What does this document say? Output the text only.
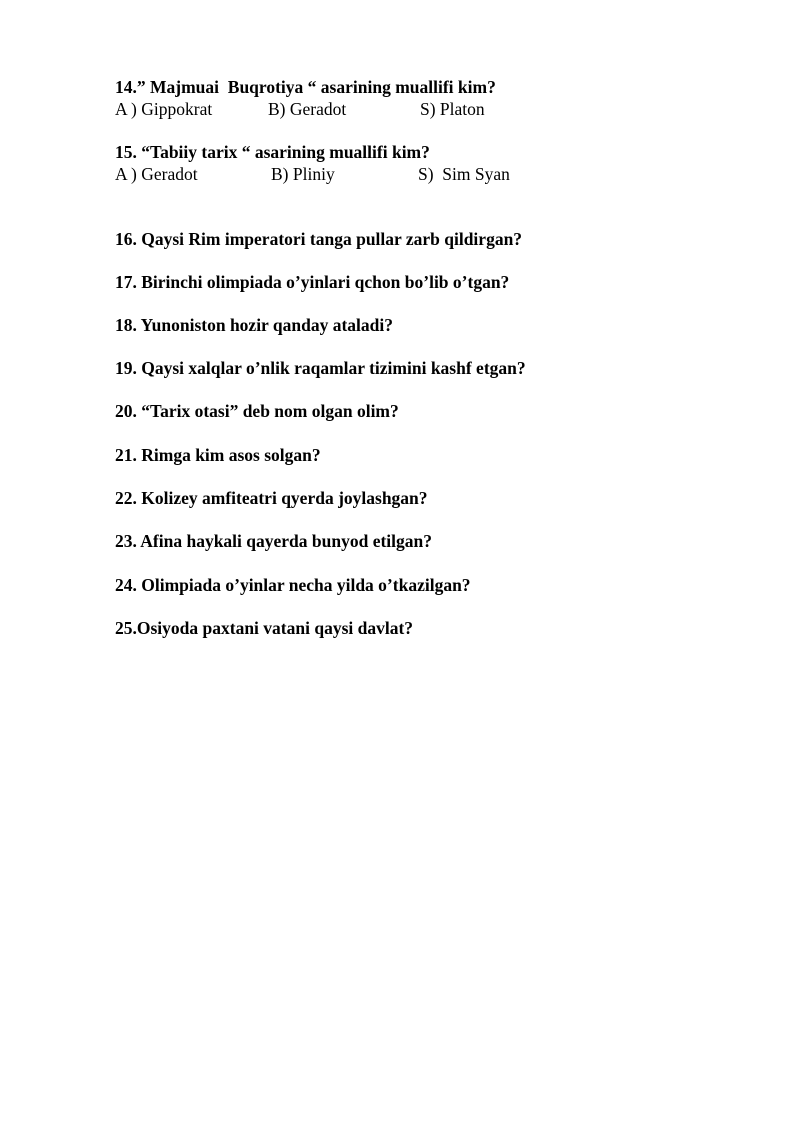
14.” Majmuai  Buqrotiya “ asarining muallifi kim?

A ) Gippokrat

	B) Geradot

	S) Platon

15. “Tabiiy tarix “ asarining muallifi kim?

A ) Geradot

	B) Pliniy

	S)  Sim Syan

16. Qaysi Rim imperatori tanga pullar zarb qildirgan?
17. Birinchi olimpiada o’yinlari qchon bo’lib o’tgan?
18. Yunoniston hozir qanday ataladi?
19. Qaysi xalqlar o’nlik raqamlar tizimini kashf etgan?
20. “Tarix otasi” deb nom olgan olim?
21. Rimga kim asos solgan?
22. Kolizey amfiteatri qyerda joylashgan?
23. Afina haykali qayerda bunyod etilgan?
24. Olimpiada o’yinlar necha yilda o’tkazilgan?
25.Osiyoda paxtani vatani qaysi davlat?
